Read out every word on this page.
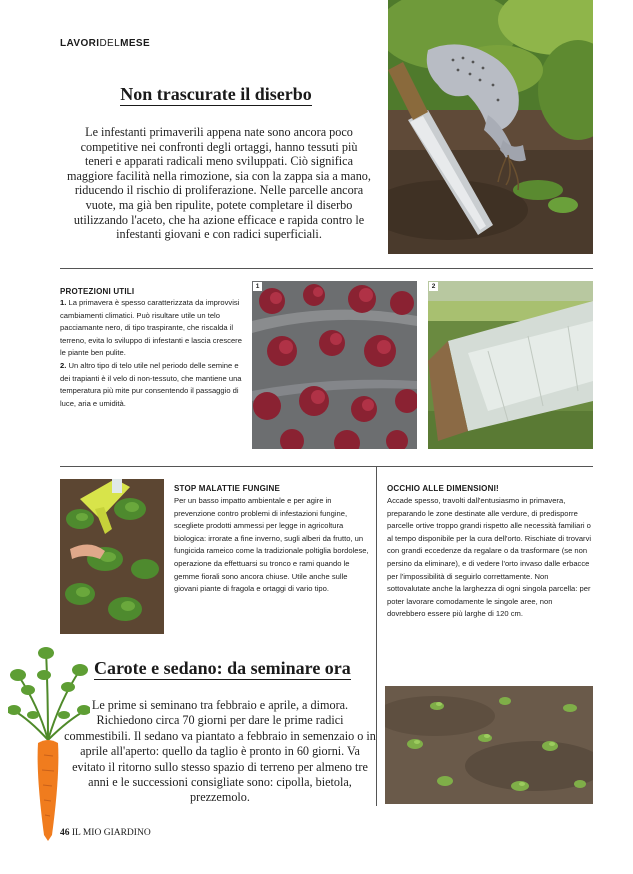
LAVORIDELMESE
Non trascurate il diserbo
Le infestanti primaverili appena nate sono ancora poco competitive nei confronti degli ortaggi, hanno tessuti più teneri e apparati radicali meno sviluppati. Ciò significa maggiore facilità nella rimozione, sia con la zappa sia a mano, riducendo il rischio di proliferazione. Nelle parcelle ancora vuote, ma già ben ripulite, potete completare il diserbo utilizzando l'aceto, che ha azione efficace e rapida contro le infestanti giovani e con radici superficiali.
PROTEZIONI UTILI
1. La primavera è spesso caratterizzata da improvvisi cambiamenti climatici. Può risultare utile un telo pacciamante nero, di tipo traspirante, che riscalda il terreno, evita lo sviluppo di infestanti e lascia crescere le piante ben pulite.
2. Un altro tipo di telo utile nel periodo delle semine e dei trapianti è il velo di non-tessuto, che mantiene una temperatura più mite pur consentendo il passaggio di luce, aria e umidità.
1	2
STOP MALATTIE FUNGINE
Per un basso impatto ambientale e per agire in prevenzione contro problemi di infestazioni fungine, scegliete prodotti ammessi per legge in agricoltura biologica: irrorate a fine inverno, sugli alberi da frutto, un fungicida rameico come la tradizionale poltiglia bordolese, operazione da effettuarsi su tronco e rami quando le gemme fiorali sono ancora chiuse. Utile anche sulle giovani piante di fragola e ortaggi di vario tipo.
OCCHIO ALLE DIMENSIONI!
Accade spesso, travolti dall'entusiasmo in primavera, preparando le zone destinate alle verdure, di predisporre parcelle ortive troppo grandi rispetto alle necessità familiari o al tempo disponibile per la cura dell'orto. Rischiate di trovarvi con grandi eccedenze da regalare o da trasformare (se non persino da eliminare), e di vedere l'orto invaso dalle erbacce per l'impossibilità di seguirlo correttamente. Non sottovalutate anche la larghezza di ogni singola parcella: per poter lavorare comodamente le singole aree, non dovrebbero essere più larghe di 120 cm.
Carote e sedano: da seminare ora
Le prime si seminano tra febbraio e aprile, a dimora. Richiedono circa 70 giorni per dare le prime radici commestibili. Il sedano va piantato a febbraio in semenzaio o in aprile all'aperto: quello da taglio è pronto in 60 giorni. Va evitato il ritorno sullo stesso spazio di terreno per almeno tre anni e le successioni consigliate sono: cipolla, bietola, prezzemolo.
46 IL MIO GIARDINO
